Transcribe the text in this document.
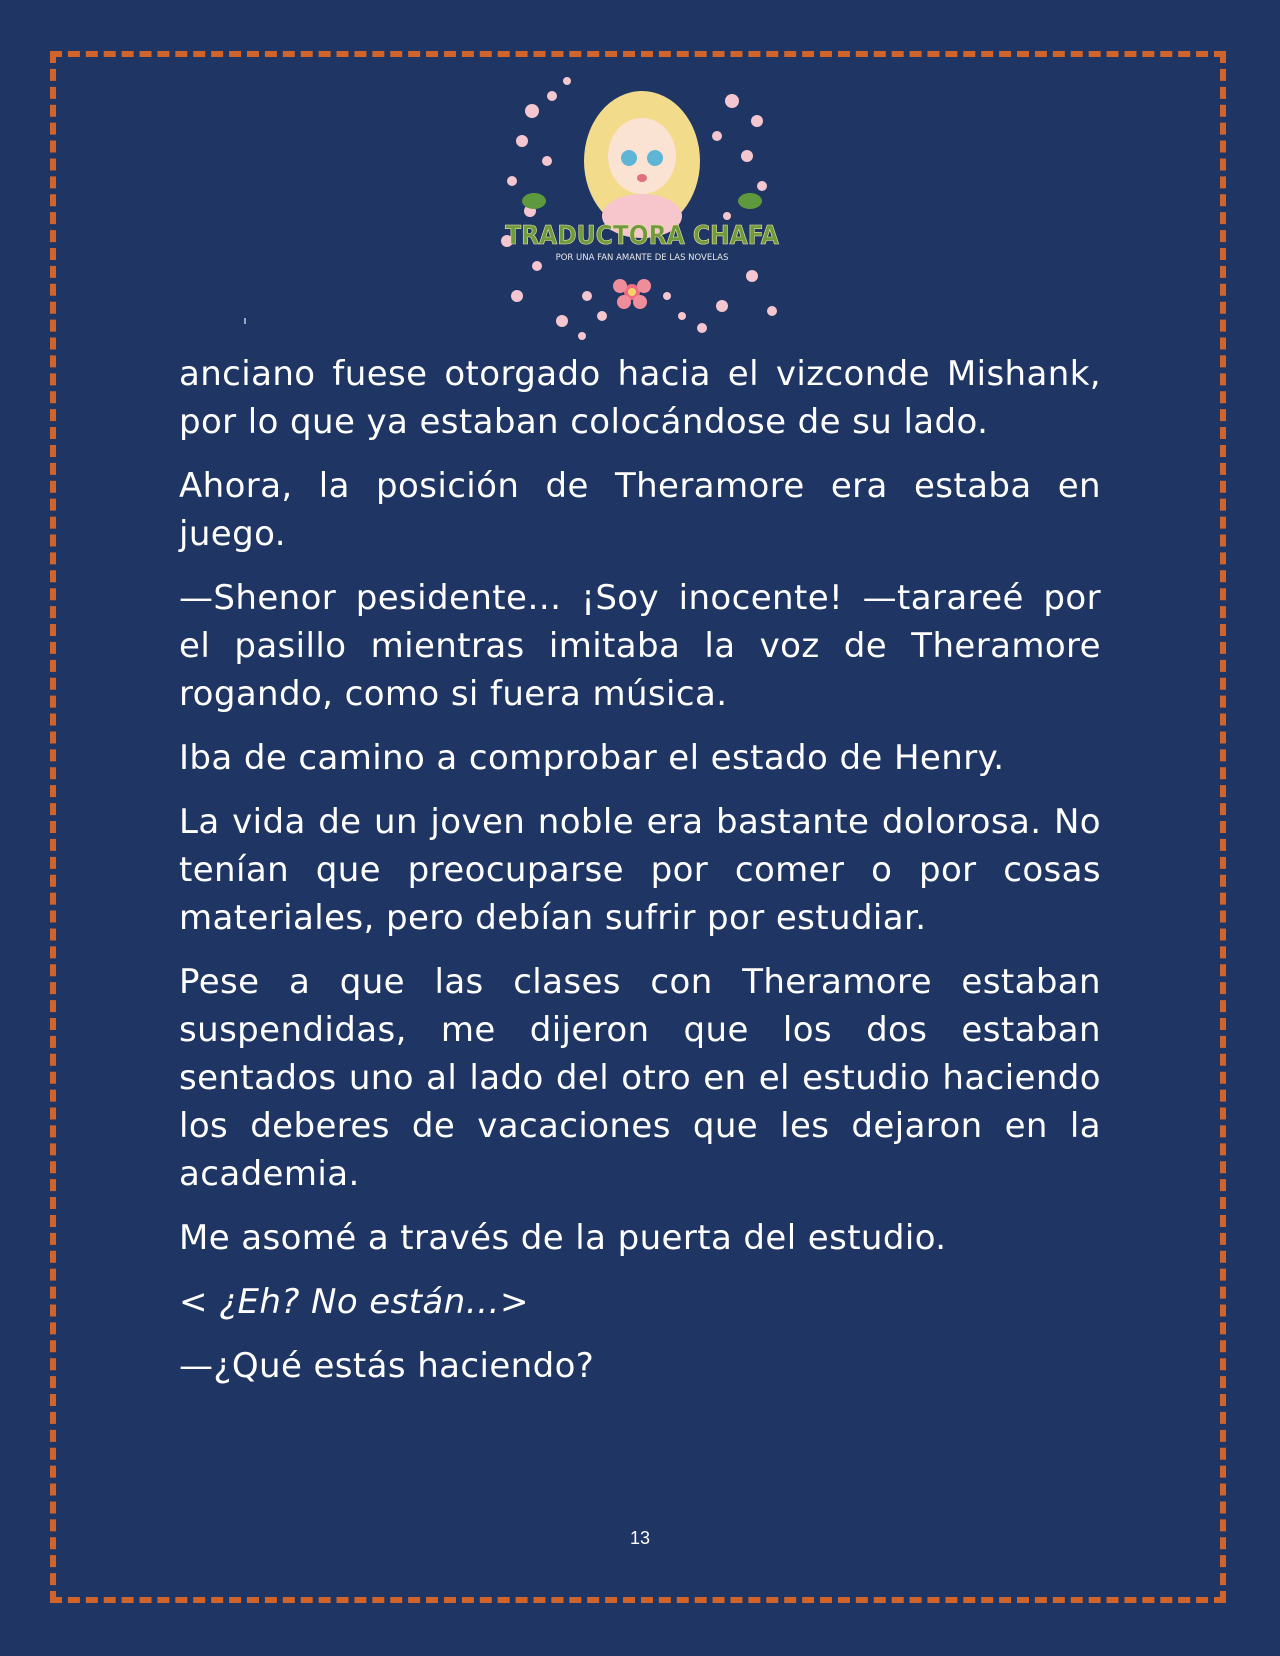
TRADUCTORA CHAFA
POR UNA FAN AMANTE DE LAS NOVELAS

anciano fuese otorgado hacia el vizconde Mishank, por lo que ya estaban colocándose de su lado.

Ahora, la posición de Theramore era estaba en juego.

—Shenor pesidente… ¡Soy inocente! —tarareé por el pasillo mientras imitaba la voz de Theramore rogando, como si fuera música.

Iba de camino a comprobar el estado de Henry.

La vida de un joven noble era bastante dolorosa. No tenían que preocuparse por comer o por cosas materiales, pero debían sufrir por estudiar.

Pese a que las clases con Theramore estaban suspendidas, me dijeron que los dos estaban sentados uno al lado del otro en el estudio haciendo los deberes de vacaciones que les dejaron en la academia.

Me asomé a través de la puerta del estudio.

< ¿Eh? No están…>

—¿Qué estás haciendo?

13
